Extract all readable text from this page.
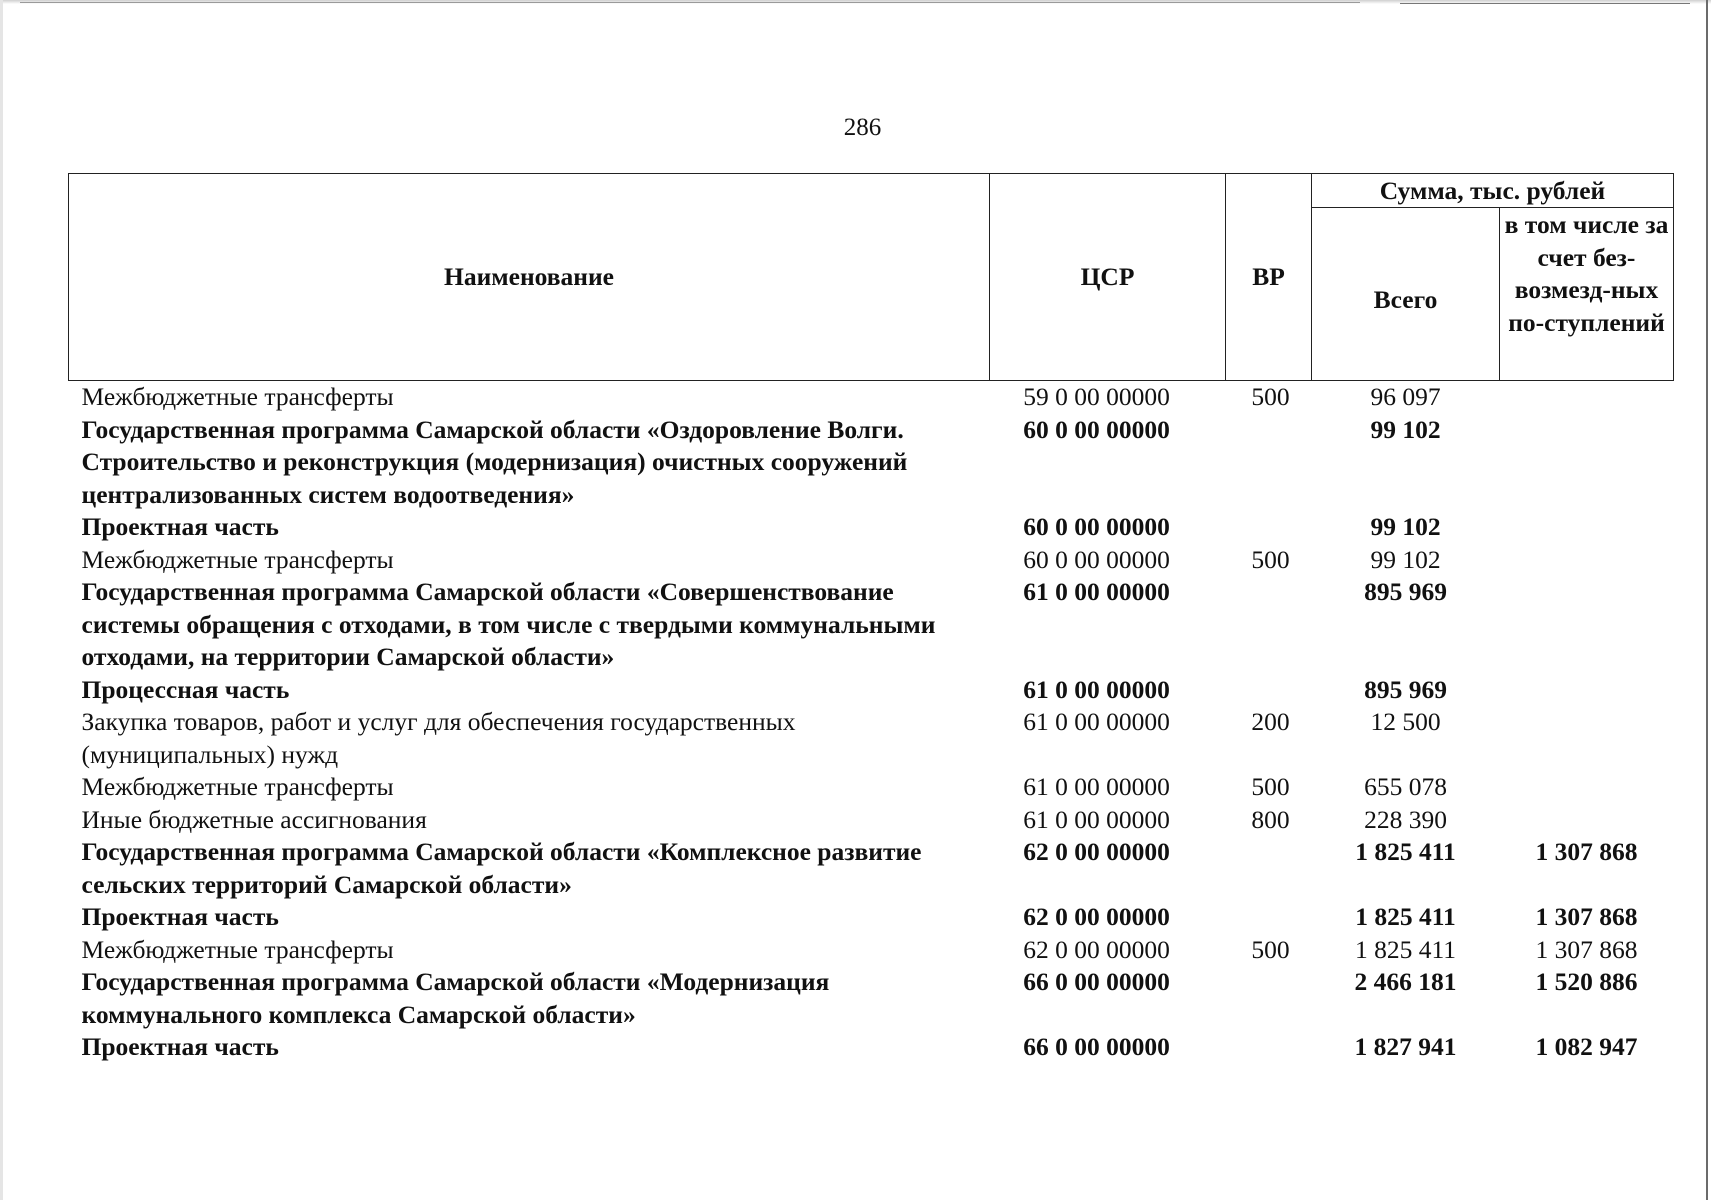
286
Наименование	ЦСР	ВР	Сумма, тыс. рублей	
			Всего	в том числе за счет без-возмезд-ных по-ступлений
Межбюджетные трансферты	59 0 00 00000	500	96 097	
Государственная программа Самарской области «Оздоровление Волги. Строительство и реконструкция (модернизация) очистных сооружений централизованных систем водоотведения»	60 0 00 00000		99 102	
Проектная часть	60 0 00 00000		99 102	
Межбюджетные трансферты	60 0 00 00000	500	99 102	
Государственная программа Самарской области «Совершенствование системы обращения с отходами, в том числе с твердыми коммунальными отходами, на территории Самарской области»	61 0 00 00000		895 969	
Процессная часть	61 0 00 00000		895 969	
Закупка товаров, работ и услуг для обеспечения государственных (муниципальных) нужд	61 0 00 00000	200	12 500	
Межбюджетные трансферты	61 0 00 00000	500	655 078	
Иные бюджетные ассигнования	61 0 00 00000	800	228 390	
Государственная программа Самарской области «Комплексное развитие сельских территорий Самарской области»	62 0 00 00000		1 825 411	1 307 868
Проектная часть	62 0 00 00000		1 825 411	1 307 868
Межбюджетные трансферты	62 0 00 00000	500	1 825 411	1 307 868
Государственная программа Самарской области «Модернизация коммунального комплекса Самарской области»	66 0 00 00000		2 466 181	1 520 886
Проектная часть	66 0 00 00000		1 827 941	1 082 947
